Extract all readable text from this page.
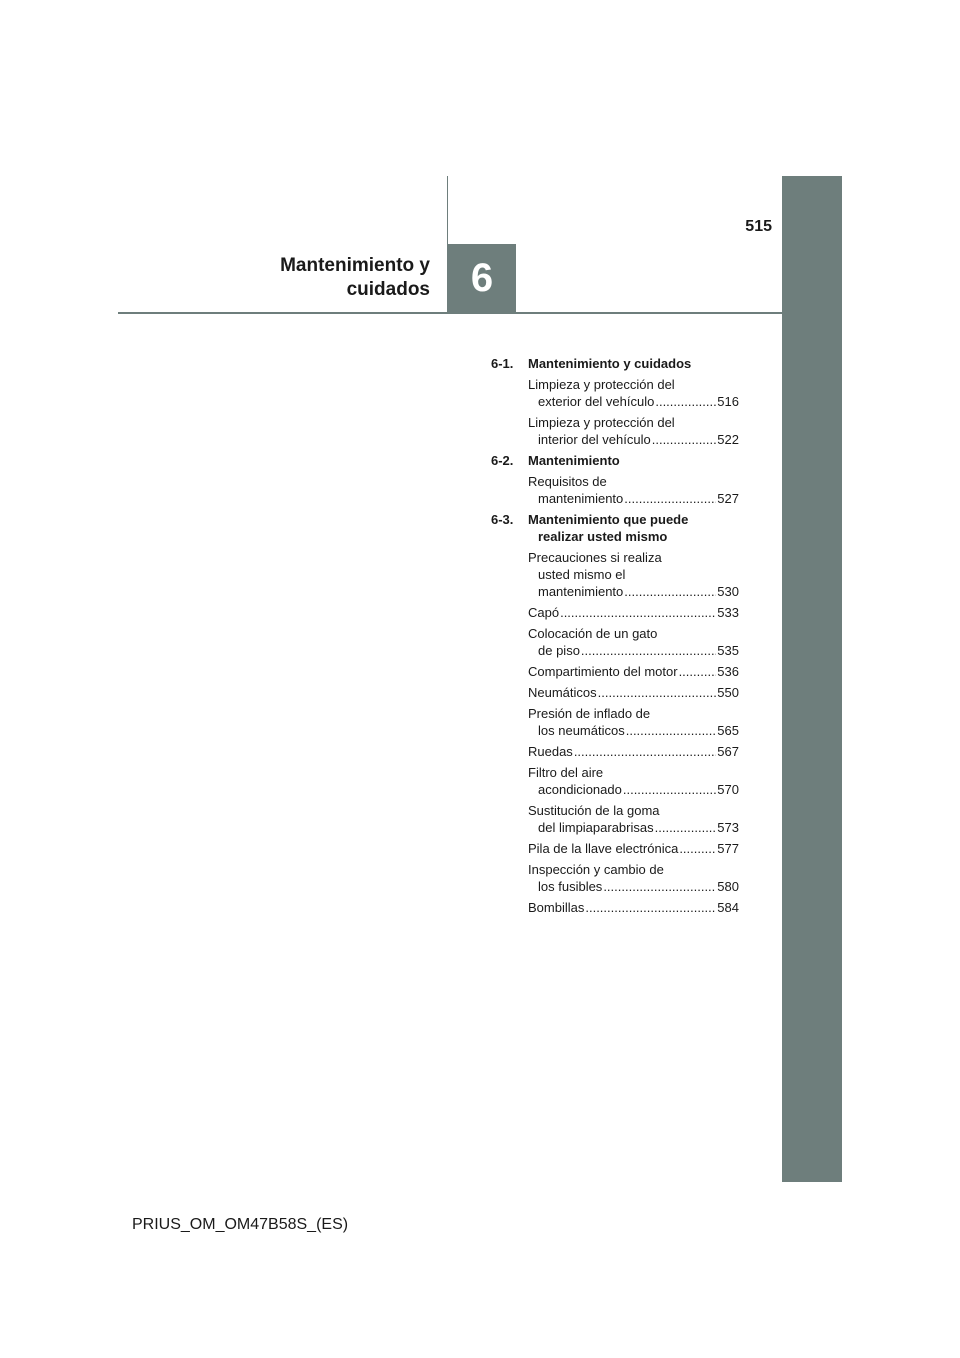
515
Mantenimiento y
cuidados	6
6-1.	Mantenimiento y cuidados
Limpieza y protección del
exterior del vehículo .....	516
Limpieza y protección del
interior del vehículo .....	522
6-2.	Mantenimiento
Requisitos de
mantenimiento .....	527
6-3.	Mantenimiento que puede
realizar usted mismo
Precauciones si realiza
usted mismo el
mantenimiento .....	530
Capó .....	533
Colocación de un gato
de piso .....	535
Compartimiento del motor .....	536
Neumáticos .....	550
Presión de inflado de
los neumáticos .....	565
Ruedas .....	567
Filtro del aire
acondicionado .....	570
Sustitución de la goma
del limpiaparabrisas .....	573
Pila de la llave electrónica .....	577
Inspección y cambio de
los fusibles .....	580
Bombillas .....	584
PRIUS_OM_OM47B58S_(ES)
